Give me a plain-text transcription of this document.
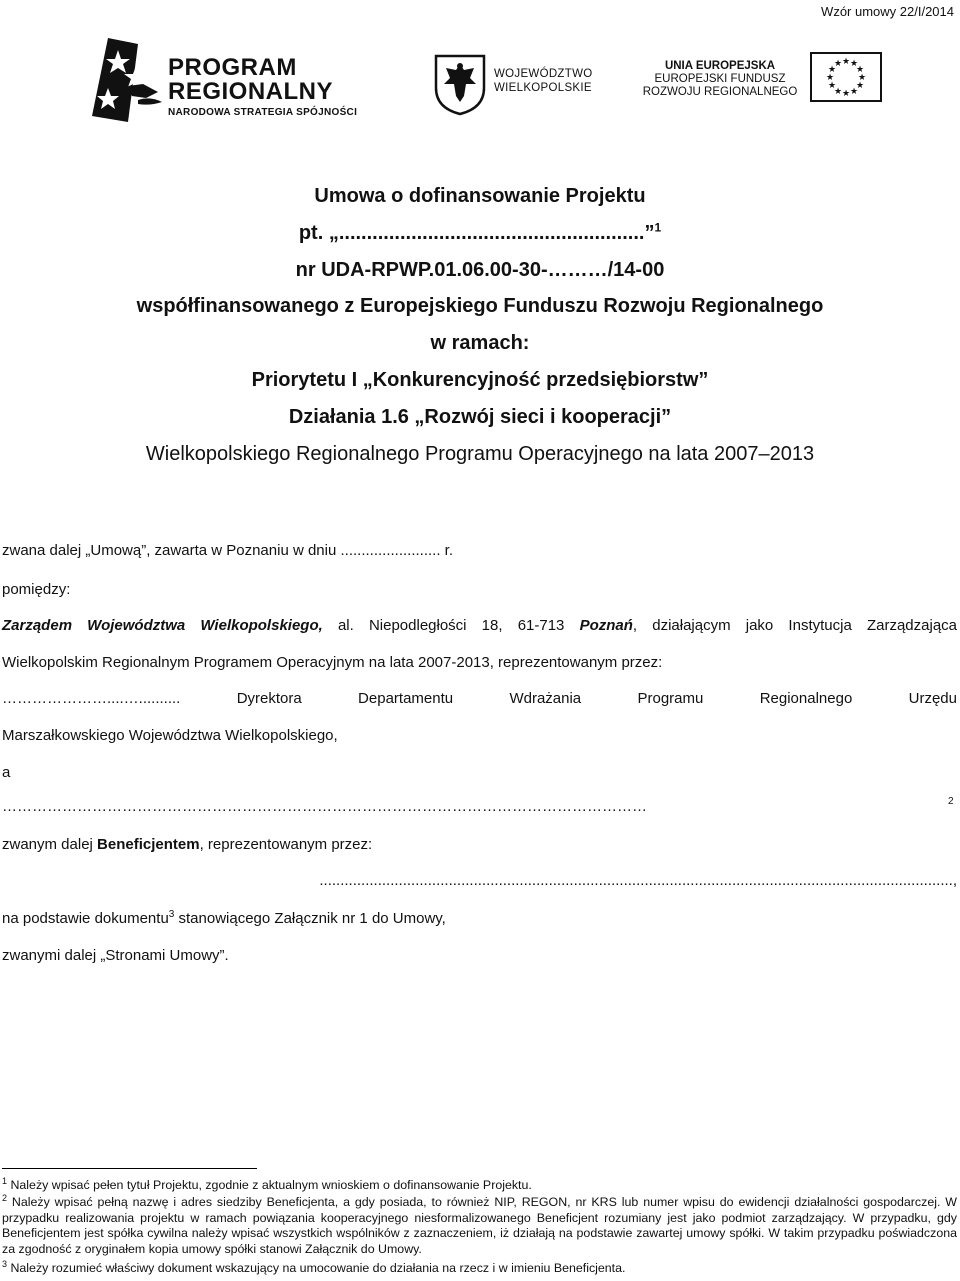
Wzór umowy 22/I/2014
PROGRAM
REGIONALNY
NARODOWA STRATEGIA SPÓJNOŚCI
WOJEWÓDZTWO
WIELKOPOLSKIE
UNIA EUROPEJSKA
EUROPEJSKI FUNDUSZ
ROZWOJU REGIONALNEGO
★ ★
★
★
★
★
★
★
★
★
★
★
Umowa o dofinansowanie Projektu
pt. „.......................................................”$^1$
nr UDA-RPWP.01.06.00-30-………/14-00
współfinansowanego z Europejskiego Funduszu Rozwoju Regionalnego
w ramach:
Priorytetu I „Konkurencyjność przedsiębiorstw”
Działania 1.6 „Rozwój sieci i kooperacji”
Wielkopolskiego Regionalnego Programu Operacyjnego na lata 2007–2013
zwana dalej „Umową”, zawarta w Poznaniu w dniu ........................ r.
pomiędzy:
Zarządem Województwa Wielkopolskiego, al. Niepodległości 18, 61-713 Poznań, działającym jako Instytucja Zarządzająca
Wielkopolskim Regionalnym Programem Operacyjnym na lata 2007-2013, reprezentowanym przez:
…………………....….......... Dyrektora Departamentu Wdrażania Programu Regionalnego Urzędu
Marszałkowskiego Województwa Wielkopolskiego,
a
…………………………………………………………………………………………………………………	2
zwanym dalej Beneficjentem, reprezentowanym przez:
........................................................................................................................................................,
na podstawie dokumentu$^3$ stanowiącego Załącznik nr 1 do Umowy,
zwanymi dalej „Stronami Umowy”.
$^1$ Należy wpisać pełen tytuł Projektu, zgodnie z aktualnym wnioskiem o dofinansowanie Projektu.
$^2$ Należy wpisać pełną nazwę i adres siedziby Beneficjenta, a gdy posiada, to również NIP, REGON, nr KRS lub numer wpisu do ewidencji działalności gospodarczej. W przypadku realizowania projektu w ramach powiązania kooperacyjnego niesformalizowanego Beneficjent rozumiany jest jako podmiot zarządzający. W przypadku, gdy Beneficjentem jest spółka cywilna należy wpisać wszystkich wspólników z zaznaczeniem, iż działają na podstawie zawartej umowy spółki. W takim przypadku poświadczona za zgodność z oryginałem kopia umowy spółki stanowi Załącznik do Umowy.
$^3$ Należy rozumieć właściwy dokument wskazujący na umocowanie do działania na rzecz i w imieniu Beneficjenta.
